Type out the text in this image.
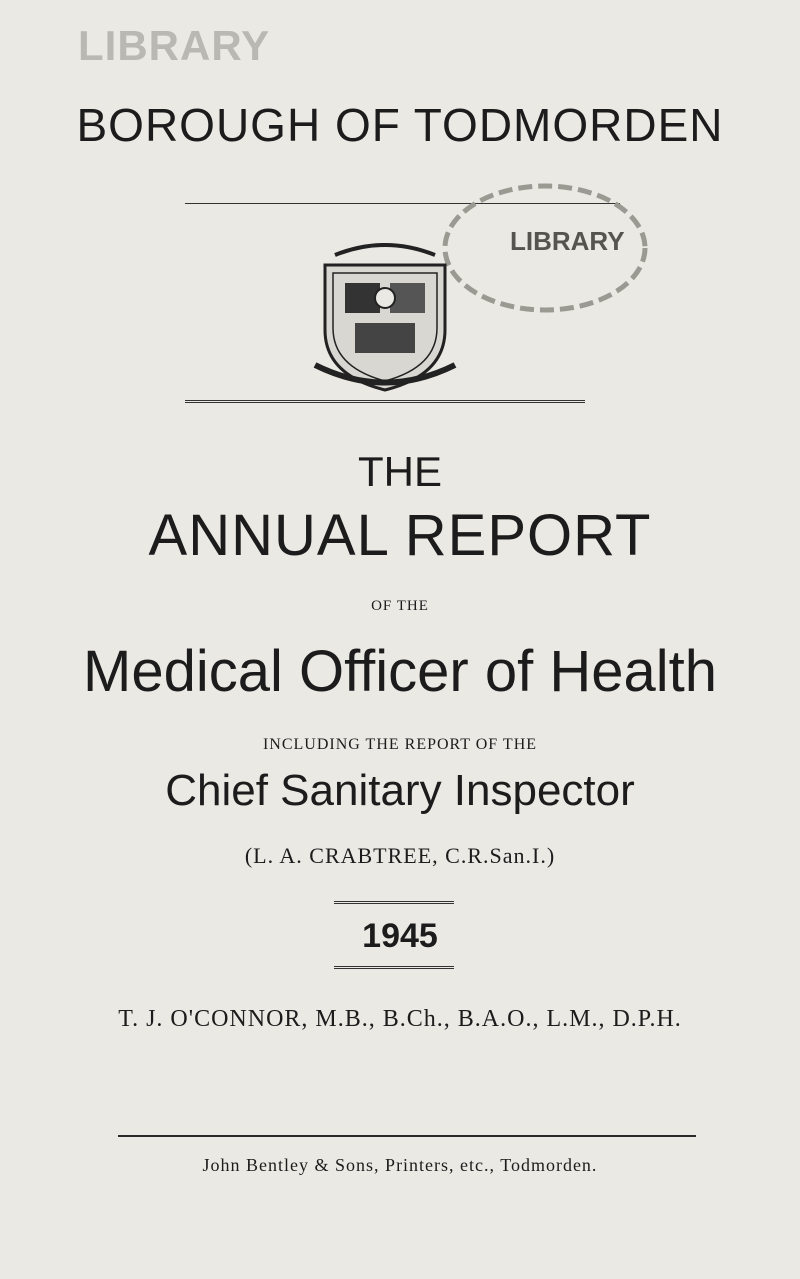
LIBRARY
BOROUGH OF TODMORDEN
LIBRARY
THE
ANNUAL REPORT
OF THE
Medical Officer of Health
INCLUDING THE REPORT OF THE
Chief Sanitary Inspector
(L. A. CRABTREE, C.R.San.I.)
1945
T. J. O'CONNOR, M.B., B.Ch., B.A.O., L.M., D.P.H.
John Bentley & Sons, Printers, etc., Todmorden.
